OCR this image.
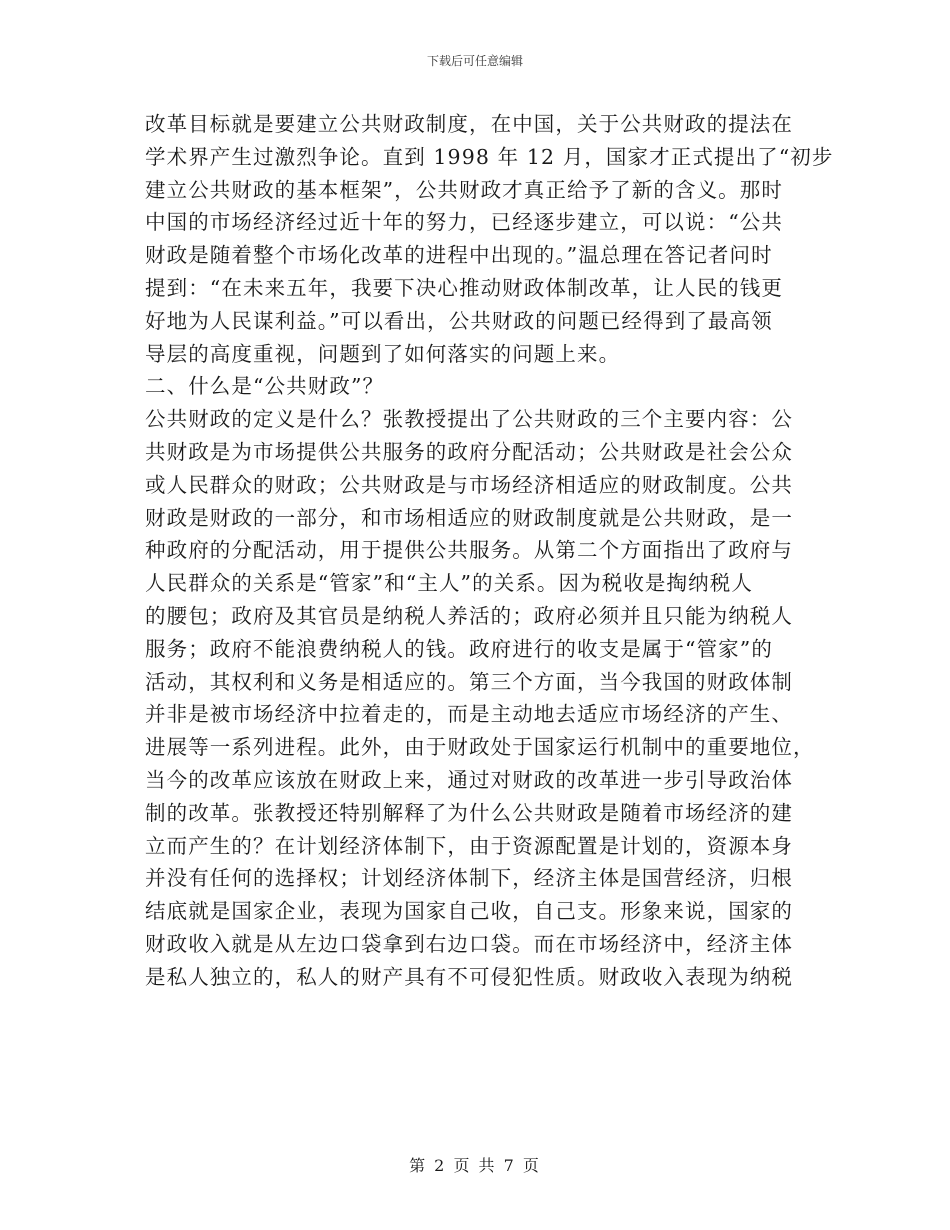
下载后可任意编辑
改革目标就是要建立公共财政制度，在中国，关于公共财政的提法在
学术界产生过激烈争论。直到 1998 年 12 月，国家才正式提出了“初步
建立公共财政的基本框架”，公共财政才真正给予了新的含义。那时
中国的市场经济经过近十年的努力，已经逐步建立，可以说：“公共
财政是随着整个市场化改革的进程中出现的。”温总理在答记者问时
提到：“在未来五年，我要下决心推动财政体制改革，让人民的钱更
好地为人民谋利益。”可以看出，公共财政的问题已经得到了最高领
导层的高度重视，问题到了如何落实的问题上来。
二、什么是“公共财政”？
公共财政的定义是什么？张教授提出了公共财政的三个主要内容：公
共财政是为市场提供公共服务的政府分配活动；公共财政是社会公众
或人民群众的财政；公共财政是与市场经济相适应的财政制度。公共
财政是财政的一部分，和市场相适应的财政制度就是公共财政，是一
种政府的分配活动，用于提供公共服务。从第二个方面指出了政府与
人民群众的关系是“管家”和“主人”的关系。因为税收是掏纳税人
的腰包；政府及其官员是纳税人养活的；政府必须并且只能为纳税人
服务；政府不能浪费纳税人的钱。政府进行的收支是属于“管家”的
活动，其权利和义务是相适应的。第三个方面，当今我国的财政体制
并非是被市场经济中拉着走的，而是主动地去适应市场经济的产生、
进展等一系列进程。此外，由于财政处于国家运行机制中的重要地位，
当今的改革应该放在财政上来，通过对财政的改革进一步引导政治体
制的改革。张教授还特别解释了为什么公共财政是随着市场经济的建
立而产生的？在计划经济体制下，由于资源配置是计划的，资源本身
并没有任何的选择权；计划经济体制下，经济主体是国营经济，归根
结底就是国家企业，表现为国家自己收，自己支。形象来说，国家的
财政收入就是从左边口袋拿到右边口袋。而在市场经济中，经济主体
是私人独立的，私人的财产具有不可侵犯性质。财政收入表现为纳税
第 2 页 共 7 页
